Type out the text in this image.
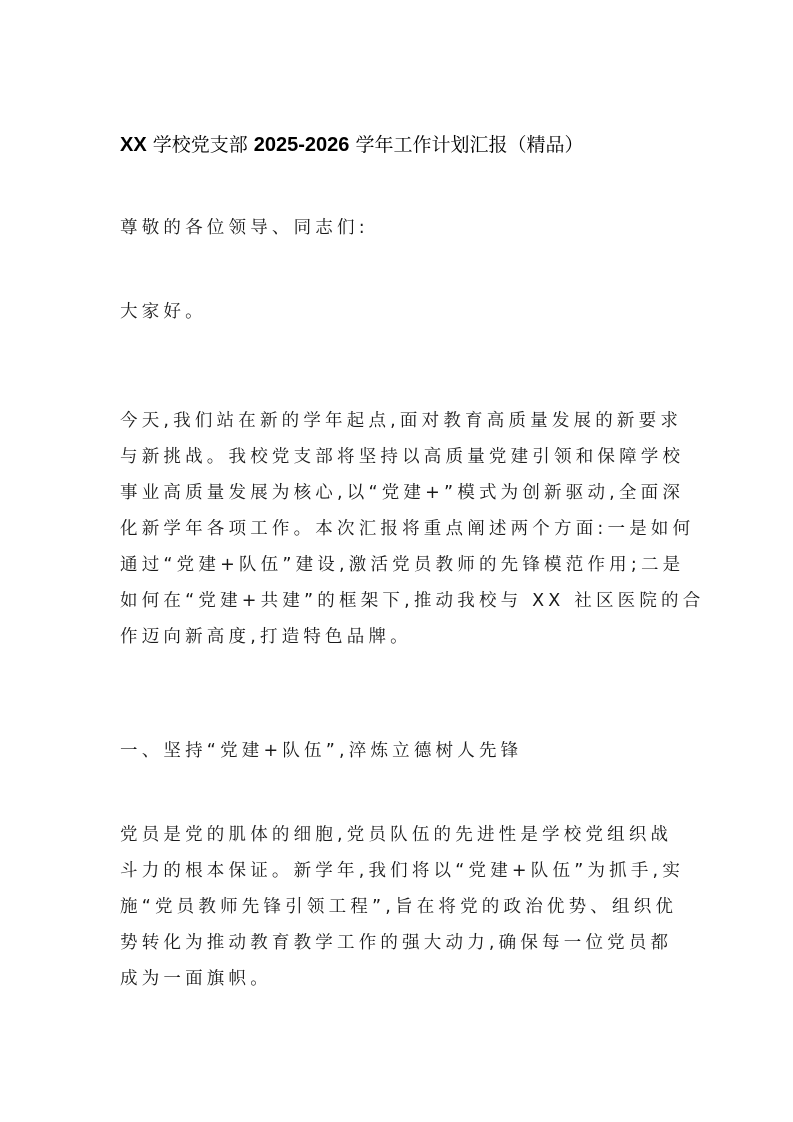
XX 学校党支部 2025-2026 学年工作计划汇报（精品）
尊敬的各位领导、同志们:
大家好。
今天,我们站在新的学年起点,面对教育高质量发展的新要求
与新挑战。我校党支部将坚持以高质量党建引领和保障学校
事业高质量发展为核心,以“党建+”模式为创新驱动,全面深
化新学年各项工作。本次汇报将重点阐述两个方面:一是如何
通过“党建+队伍”建设,激活党员教师的先锋模范作用;二是
如何在“党建+共建”的框架下,推动我校与 XX 社区医院的合
作迈向新高度,打造特色品牌。
一、坚持“党建+队伍”,淬炼立德树人先锋
党员是党的肌体的细胞,党员队伍的先进性是学校党组织战
斗力的根本保证。新学年,我们将以“党建+队伍”为抓手,实
施“党员教师先锋引领工程”,旨在将党的政治优势、组织优
势转化为推动教育教学工作的强大动力,确保每一位党员都
成为一面旗帜。
